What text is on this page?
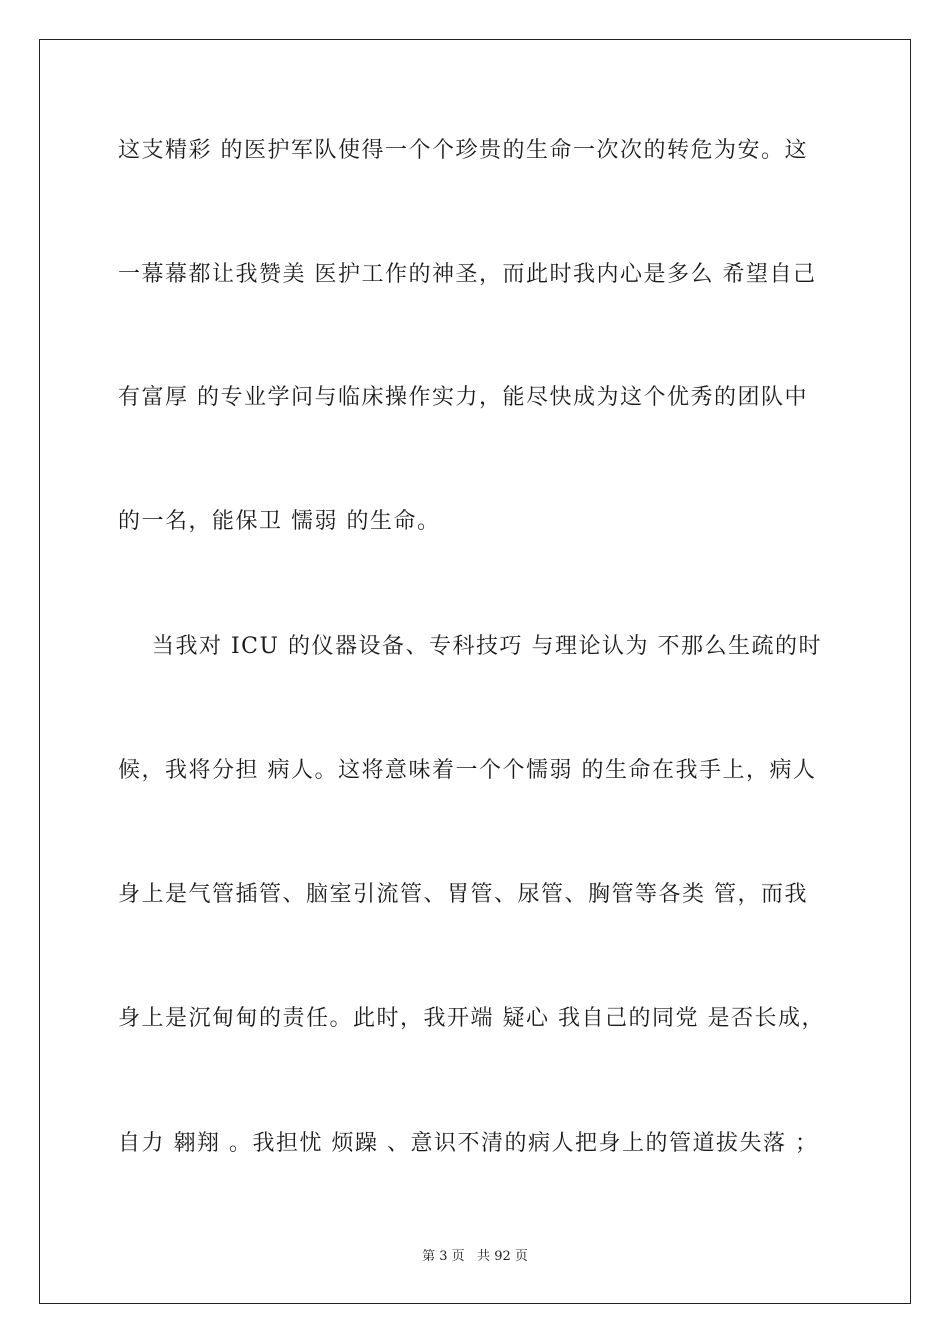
这支精彩 的医护军队使得一个个珍贵的生命一次次的转危为安。这
一幕幕都让我赞美 医护工作的神圣，而此时我内心是多么 希望自己
有富厚 的专业学问与临床操作实力，能尽快成为这个优秀的团队中
的一名，能保卫 懦弱 的生命。
当我对 ICU 的仪器设备、专科技巧 与理论认为 不那么生疏的时
候，我将分担 病人。这将意味着一个个懦弱 的生命在我手上，病人
身上是气管插管、脑室引流管、胃管、尿管、胸管等各类 管，而我
身上是沉甸甸的责任。此时，我开端 疑心 我自己的同党 是否长成，
自力 翱翔 。我担忧 烦躁 、意识不清的病人把身上的管道拔失落 ；
第 3 页   共 92 页
